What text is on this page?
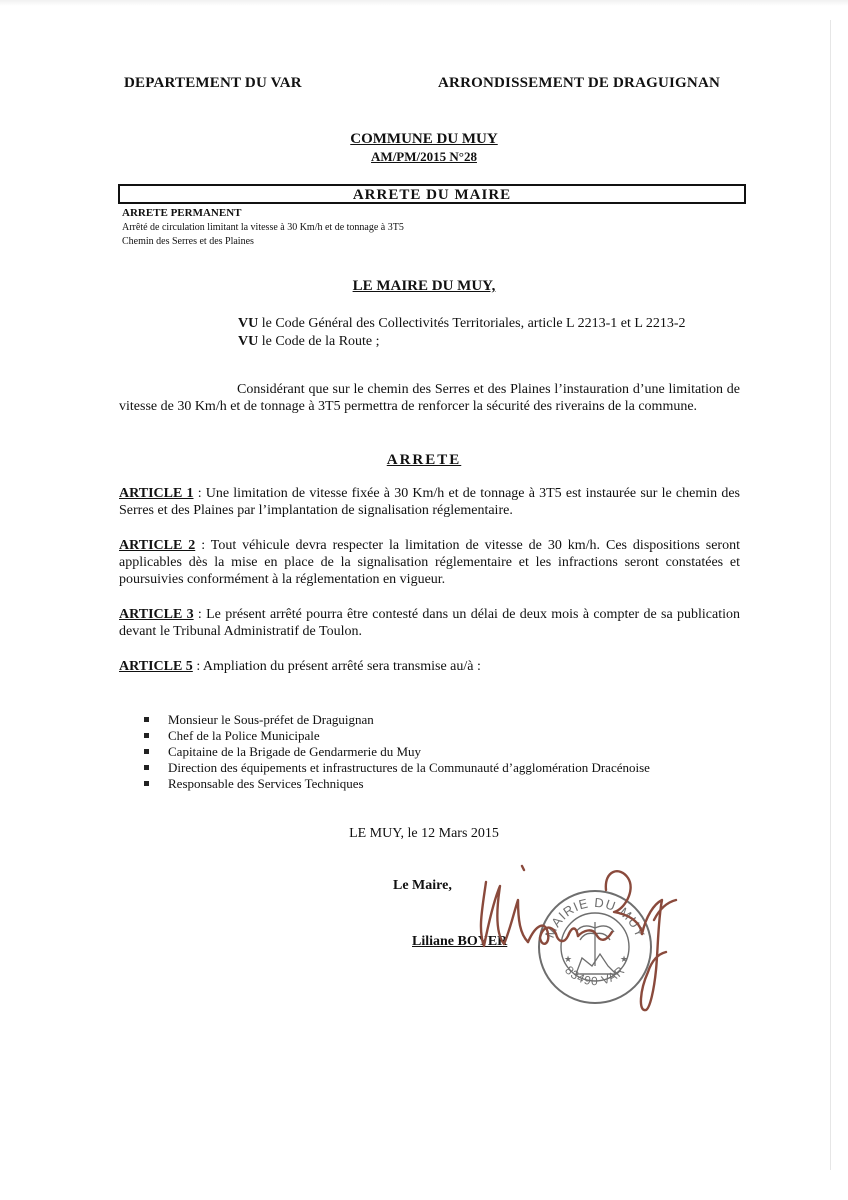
DEPARTEMENT DU VAR	ARRONDISSEMENT DE DRAGUIGNAN
COMMUNE DU MUY
AM/PM/2015 N°28
ARRETE DU MAIRE
ARRETE PERMANENT
Arrêté de circulation limitant la vitesse à 30 Km/h et de tonnage à 3T5
Chemin des Serres et des Plaines
LE MAIRE DU MUY,
VU le Code Général des Collectivités Territoriales, article L 2213-1 et L 2213-2
VU le Code de la Route ;
Considérant que sur le chemin des Serres et des Plaines l’instauration d’une limitation de vitesse de 30 Km/h et de tonnage à 3T5 permettra de renforcer la sécurité des riverains de la commune.
ARRETE
ARTICLE 1 : Une limitation de vitesse fixée à 30 Km/h et de tonnage à 3T5 est instaurée sur le chemin des Serres et des Plaines par l’implantation de signalisation réglementaire.
ARTICLE 2 : Tout véhicule devra respecter la limitation de vitesse de 30 km/h. Ces dispositions seront applicables dès la mise en place de la signalisation réglementaire et les infractions seront constatées et poursuivies conformément à la réglementation en vigueur.
ARTICLE 3 : Le présent arrêté pourra être contesté dans un délai de deux mois à compter de sa publication devant le Tribunal Administratif de Toulon.
ARTICLE 5 : Ampliation du présent arrêté sera transmise au/à :
Monsieur le Sous-préfet de Draguignan
Chef de la Police Municipale
Capitaine de la Brigade de Gendarmerie du Muy
Direction des équipements et infrastructures de la Communauté d’agglomération Dracénoise
Responsable des Services Techniques
LE MUY, le 12 Mars 2015
Le Maire,
Liliane BOYER
MAIRIE DU MUY
83490 VAR
★	★
